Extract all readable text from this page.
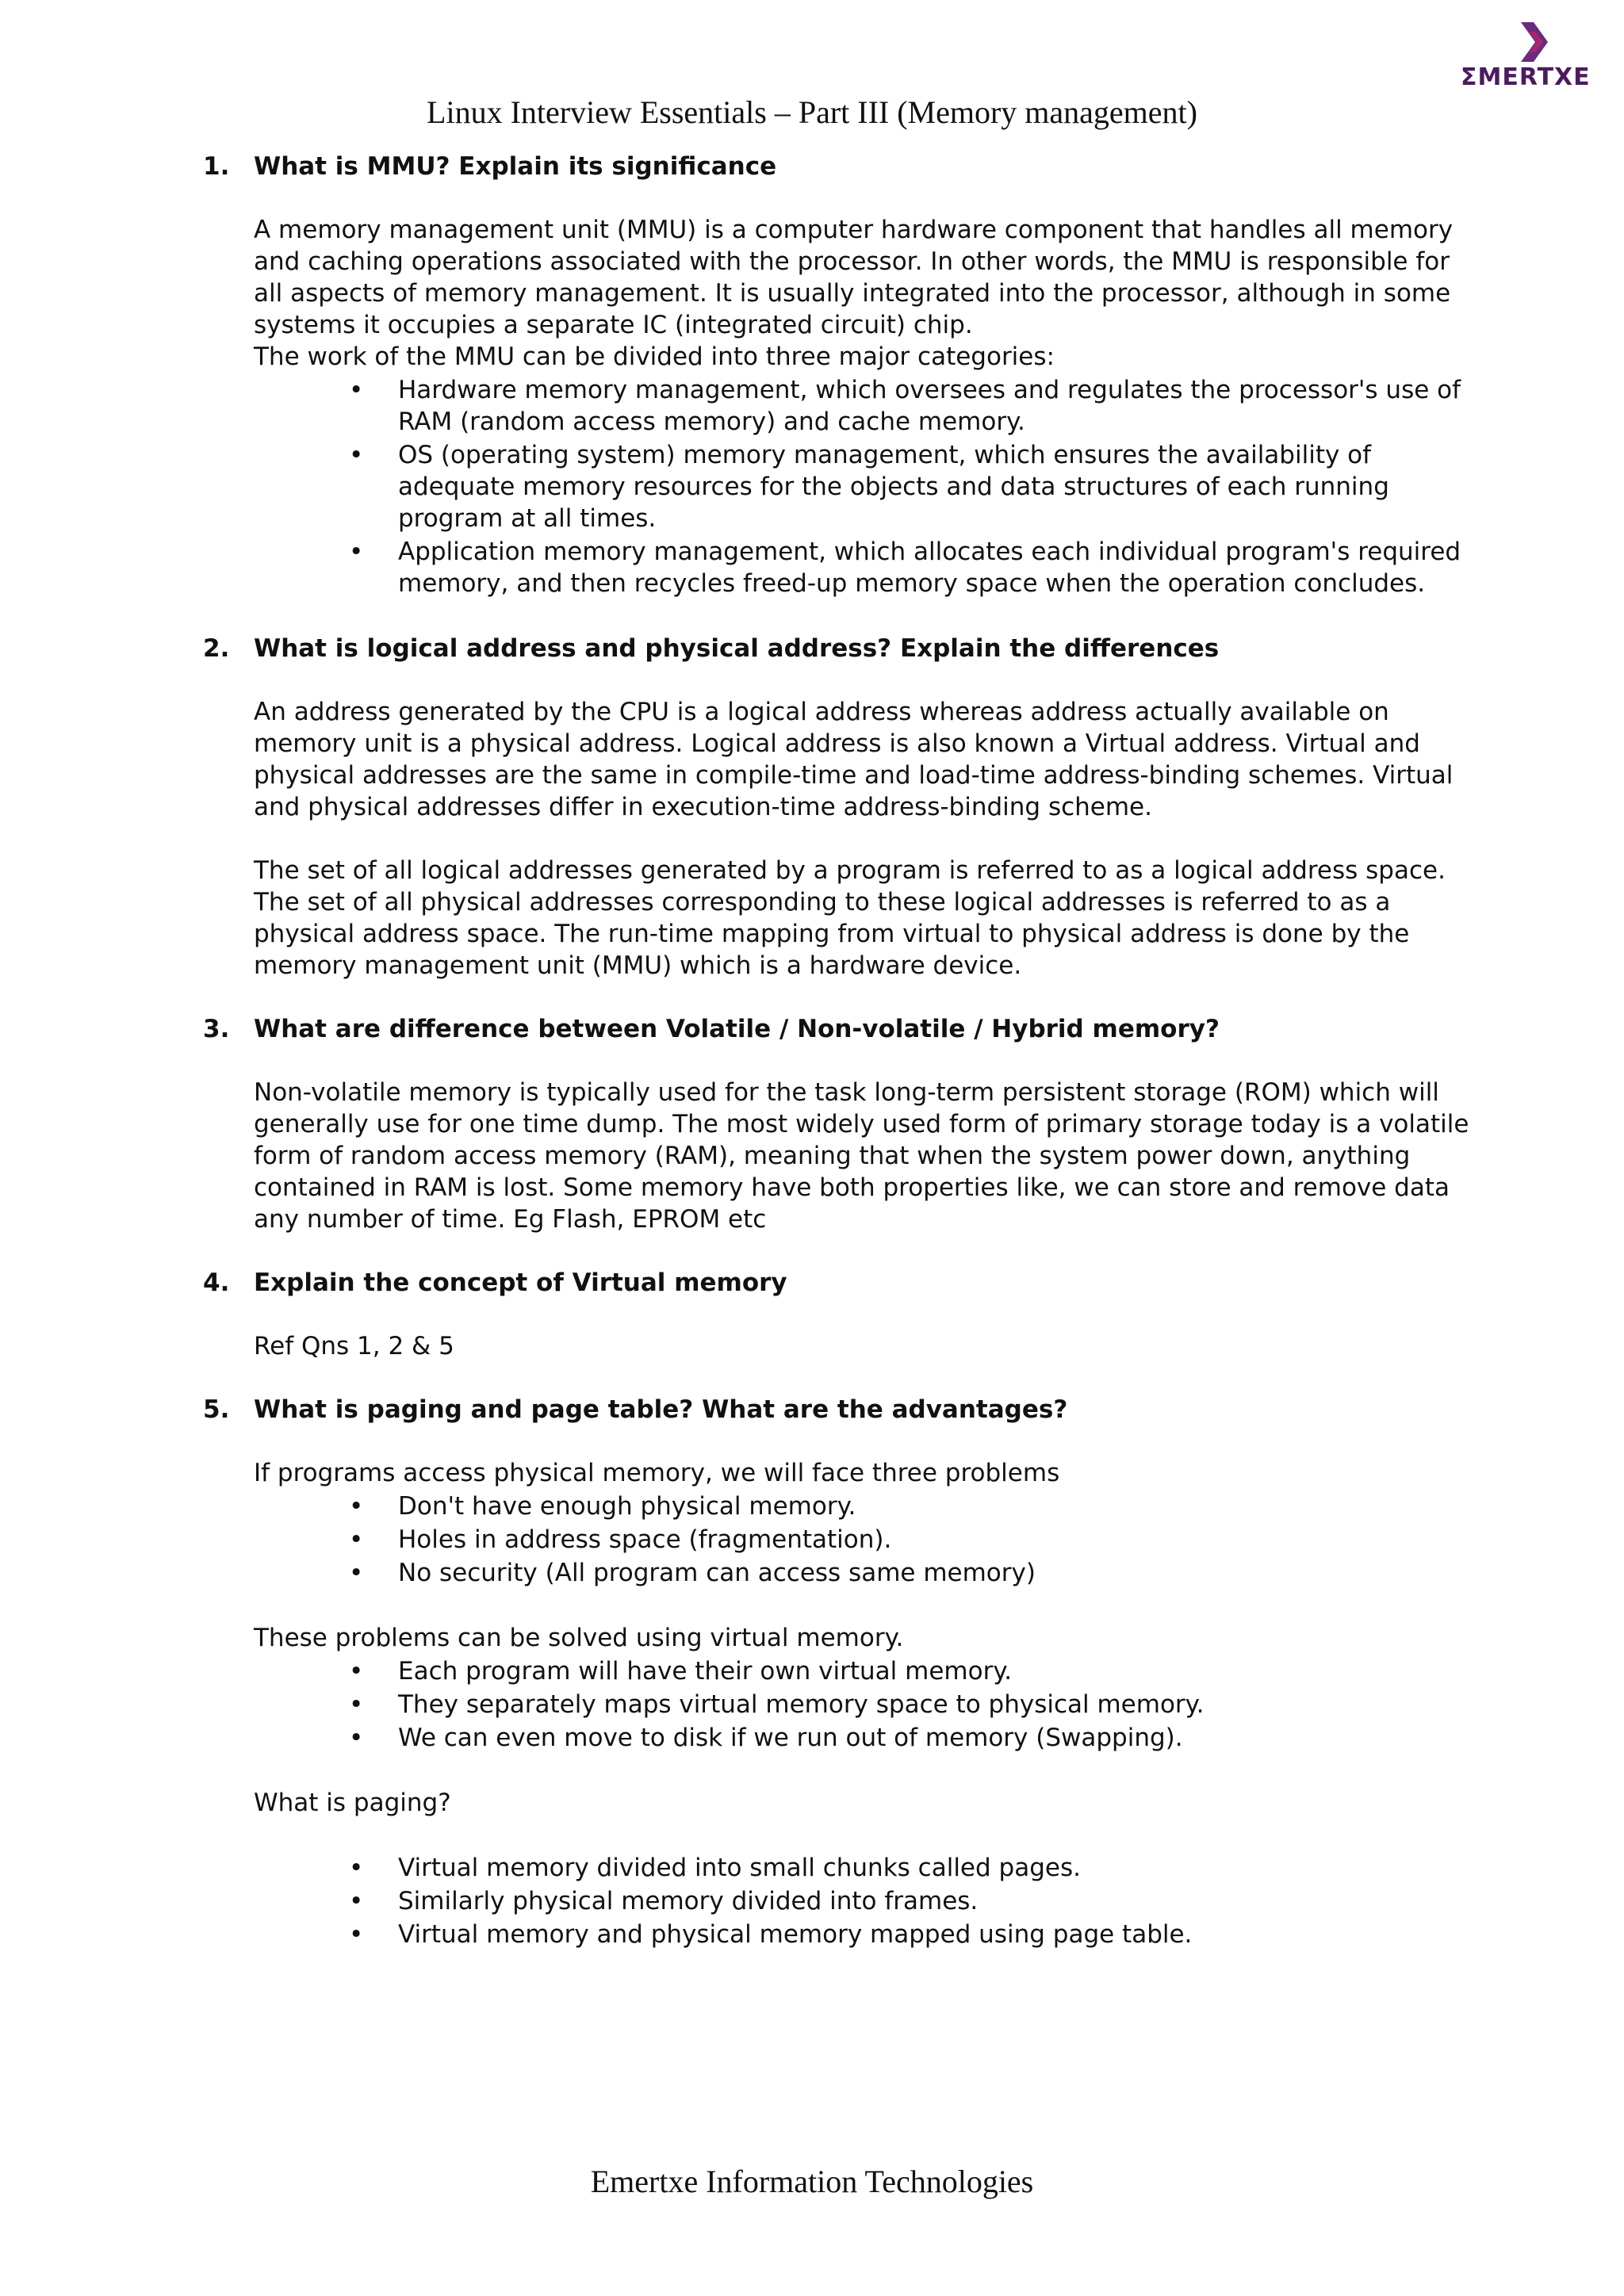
ΣMERTXE
Linux Interview Essentials – Part III (Memory management)
1. What is MMU? Explain its significance

A memory management unit (MMU) is a computer hardware component that handles all memory and caching operations associated with the processor. In other words, the MMU is responsible for all aspects of memory management. It is usually integrated into the processor, although in some systems it occupies a separate IC (integrated circuit) chip.

The work of the MMU can be divided into three major categories:

• Hardware memory management, which oversees and regulates the processor's use of RAM (random access memory) and cache memory.
• OS (operating system) memory management, which ensures the availability of adequate memory resources for the objects and data structures of each running program at all times.
• Application memory management, which allocates each individual program's required memory, and then recycles freed-up memory space when the operation concludes.
2. What is logical address and physical address? Explain the differences

An address generated by the CPU is a logical address whereas address actually available on memory unit is a physical address. Logical address is also known a Virtual address. Virtual and physical addresses are the same in compile-time and load-time address-binding schemes. Virtual and physical addresses differ in execution-time address-binding scheme.

The set of all logical addresses generated by a program is referred to as a logical address space. The set of all physical addresses corresponding to these logical addresses is referred to as a physical address space. The run-time mapping from virtual to physical address is done by the memory management unit (MMU) which is a hardware device.

3. What are difference between Volatile / Non-volatile / Hybrid memory?

Non-volatile memory is typically used for the task long-term persistent storage (ROM) which will generally use for one time dump. The most widely used form of primary storage today is a volatile form of random access memory (RAM), meaning that when the system power down, anything contained in RAM is lost. Some memory have both properties like, we can store and remove data any number of time. Eg Flash, EPROM etc

4. Explain the concept of Virtual memory

Ref Qns 1, 2 & 5

5. What is paging and page table? What are the advantages?

If programs access physical memory, we will face three problems

• Don't have enough physical memory.
• Holes in address space (fragmentation).
• No security (All program can access same memory)

These problems can be solved using virtual memory.

• Each program will have their own virtual memory.
• They separately maps virtual memory space to physical memory.
• We can even move to disk if we run out of memory (Swapping).

What is paging?

• Virtual memory divided into small chunks called pages.
• Similarly physical memory divided into frames.
• Virtual memory and physical memory mapped using page table.
Emertxe Information Technologies
